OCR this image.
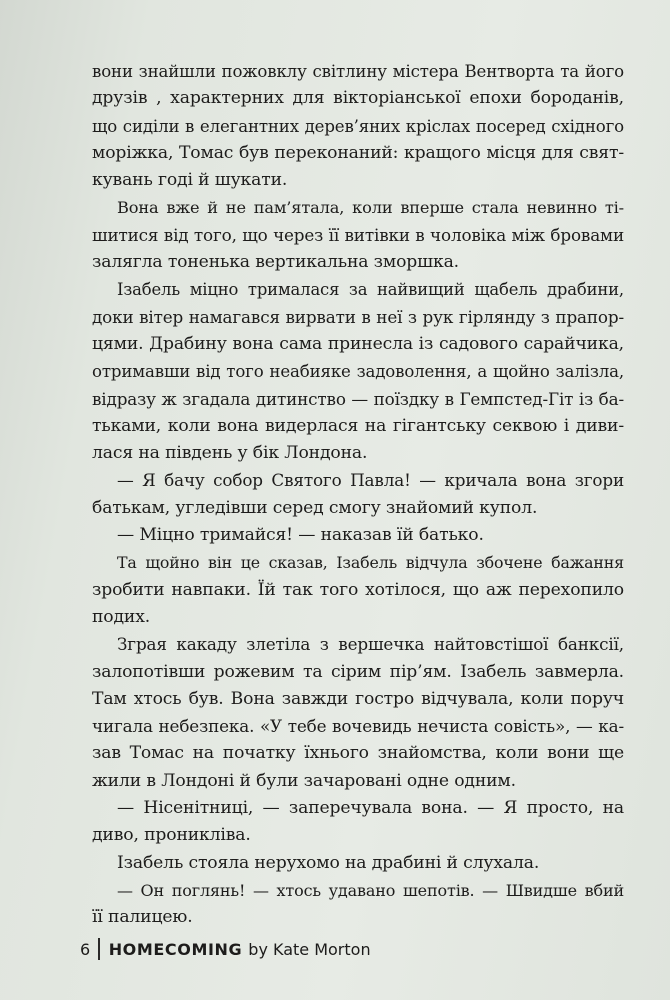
вони знайшли пожовклу світлину містера Вентворта та його
друзів , характерних для вікторіанської епохи бороданів,
що сиділи в елегантних дерев’яних кріслах посеред східного
моріжка, Томас був переконаний: кращого місця для свят-
кувань годі й шукати.
Вона вже й не пам’ятала, коли вперше стала невинно ті-
шитися від того, що через її витівки в чоловіка між бровами
залягла тоненька вертикальна зморшка.
Ізабель міцно трималася за найвищий щабель драбини,
доки вітер намагався вирвати в неї з рук гірлянду з прапор-
цями. Драбину вона сама принесла із садового сарайчика,
отримавши від того неабияке задоволення, а щойно залізла,
відразу ж згадала дитинство — поїздку в Гемпстед-Гіт із ба-
тьками, коли вона видерлася на гігантську секвою і диви-
лася на південь у бік Лондона.
— Я бачу собор Святого Павла! — кричала вона згори
батькам, угледівши серед смогу знайомий купол.
— Міцно тримайся! — наказав їй батько.
Та щойно він це сказав, Ізабель відчула збочене бажання
зробити навпаки. Їй так того хотілося, що аж перехопило
подих.
Зграя какаду злетіла з вершечка найтовстішої банксії,
залопотівши рожевим та сірим пір’ям. Ізабель завмерла.
Там хтось був. Вона завжди гостро відчувала, коли поруч
чигала небезпека. «У тебе вочевидь нечиста совість», — ка-
зав Томас на початку їхнього знайомства, коли вони ще
жили в Лондоні й були зачаровані одне одним.
— Нісенітниці, — заперечувала вона. — Я просто, на
диво, проникліва.
Ізабель стояла нерухомо на драбині й слухала.
— Он поглянь! — хтось удавано шепотів. — Швидше вбий
її палицею.
6 HOMECOMING by Kate Morton
